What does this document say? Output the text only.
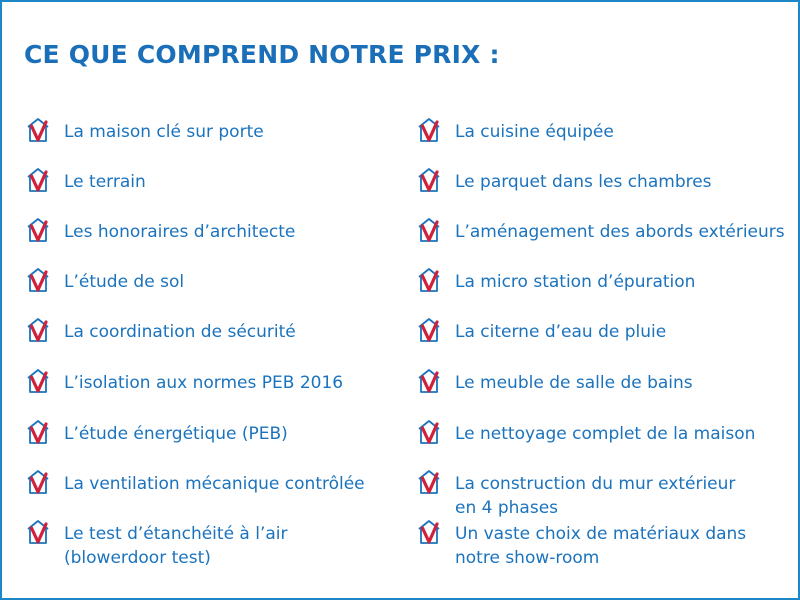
CE QUE COMPREND NOTRE PRIX :
La maison clé sur porte
Le terrain
Les honoraires d’architecte
L’étude de sol
La coordination de sécurité
L’isolation aux normes PEB 2016
L’étude énergétique (PEB)
La ventilation mécanique contrôlée
Le test d’étanchéité à l’air
(blowerdoor test)
La cuisine équipée
Le parquet dans les chambres
L’aménagement des abords extérieurs
La micro station d’épuration
La citerne d’eau de pluie
Le meuble de salle de bains
Le nettoyage complet de la maison
La construction du mur extérieur
en 4 phases
Un vaste choix de matériaux dans
notre show-room
